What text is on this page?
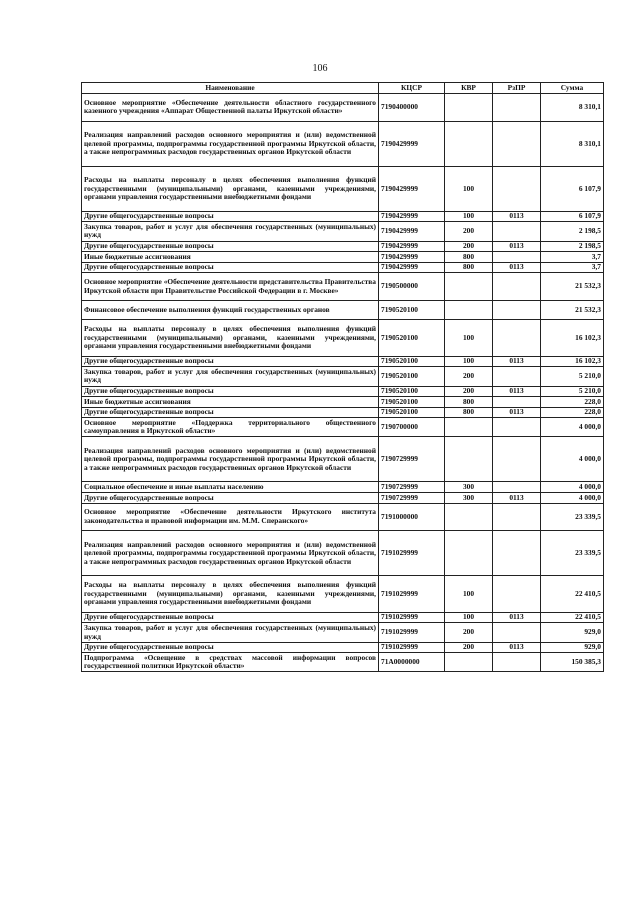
106
Наименование	КЦСР	КВР	РзПР	Сумма
Основное мероприятие «Обеспечение деятельности областного государственного казенного учреждения «Аппарат Общественной палаты Иркутской области»	7190400000			8 310,1
Реализация направлений расходов основного мероприятия и (или) ведомственной целевой программы, подпрограммы государственной программы Иркутской области, а также непрограммных расходов государственных органов Иркутской области	7190429999			8 310,1
Расходы на выплаты персоналу в целях обеспечения выполнения функций государственными (муниципальными) органами, казенными учреждениями, органами управления государственными внебюджетными фондами	7190429999	100		6 107,9
Другие общегосударственные вопросы	7190429999	100	0113	6 107,9
Закупка товаров, работ и услуг для обеспечения государственных (муниципальных) нужд	7190429999	200		2 198,5
Другие общегосударственные вопросы	7190429999	200	0113	2 198,5
Иные бюджетные ассигнования	7190429999	800		3,7
Другие общегосударственные вопросы	7190429999	800	0113	3,7
Основное мероприятие «Обеспечение деятельности представительства Правительства Иркутской области при Правительстве Российской Федерации в г. Москве»	7190500000			21 532,3
Финансовое обеспечение выполнения функций государственных органов	7190520100			21 532,3
Расходы на выплаты персоналу в целях обеспечения выполнения функций государственными (муниципальными) органами, казенными учреждениями, органами управления государственными внебюджетными фондами	7190520100	100		16 102,3
Другие общегосударственные вопросы	7190520100	100	0113	16 102,3
Закупка товаров, работ и услуг для обеспечения государственных (муниципальных) нужд	7190520100	200		5 210,0
Другие общегосударственные вопросы	7190520100	200	0113	5 210,0
Иные бюджетные ассигнования	7190520100	800		228,0
Другие общегосударственные вопросы	7190520100	800	0113	228,0
Основное мероприятие «Поддержка территориального общественного самоуправления в Иркутской области»	7190700000			4 000,0
Реализация направлений расходов основного мероприятия и (или) ведомственной целевой программы, подпрограммы государственной программы Иркутской области, а также непрограммных расходов государственных органов Иркутской области	7190729999			4 000,0
Социальное обеспечение и иные выплаты населению	7190729999	300		4 000,0
Другие общегосударственные вопросы	7190729999	300	0113	4 000,0
Основное мероприятие «Обеспечение деятельности Иркутского института законодательства и правовой информации им. М.М. Сперанского»	7191000000			23 339,5
Реализация направлений расходов основного мероприятия и (или) ведомственной целевой программы, подпрограммы государственной программы Иркутской области, а также непрограммных расходов государственных органов Иркутской области	7191029999			23 339,5
Расходы на выплаты персоналу в целях обеспечения выполнения функций государственными (муниципальными) органами, казенными учреждениями, органами управления государственными внебюджетными фондами	7191029999	100		22 410,5
Другие общегосударственные вопросы	7191029999	100	0113	22 410,5
Закупка товаров, работ и услуг для обеспечения государственных (муниципальных) нужд	7191029999	200		929,0
Другие общегосударственные вопросы	7191029999	200	0113	929,0
Подпрограмма «Освещение в средствах массовой информации вопросов государственной политики Иркутской области»	71А0000000			150 385,3
